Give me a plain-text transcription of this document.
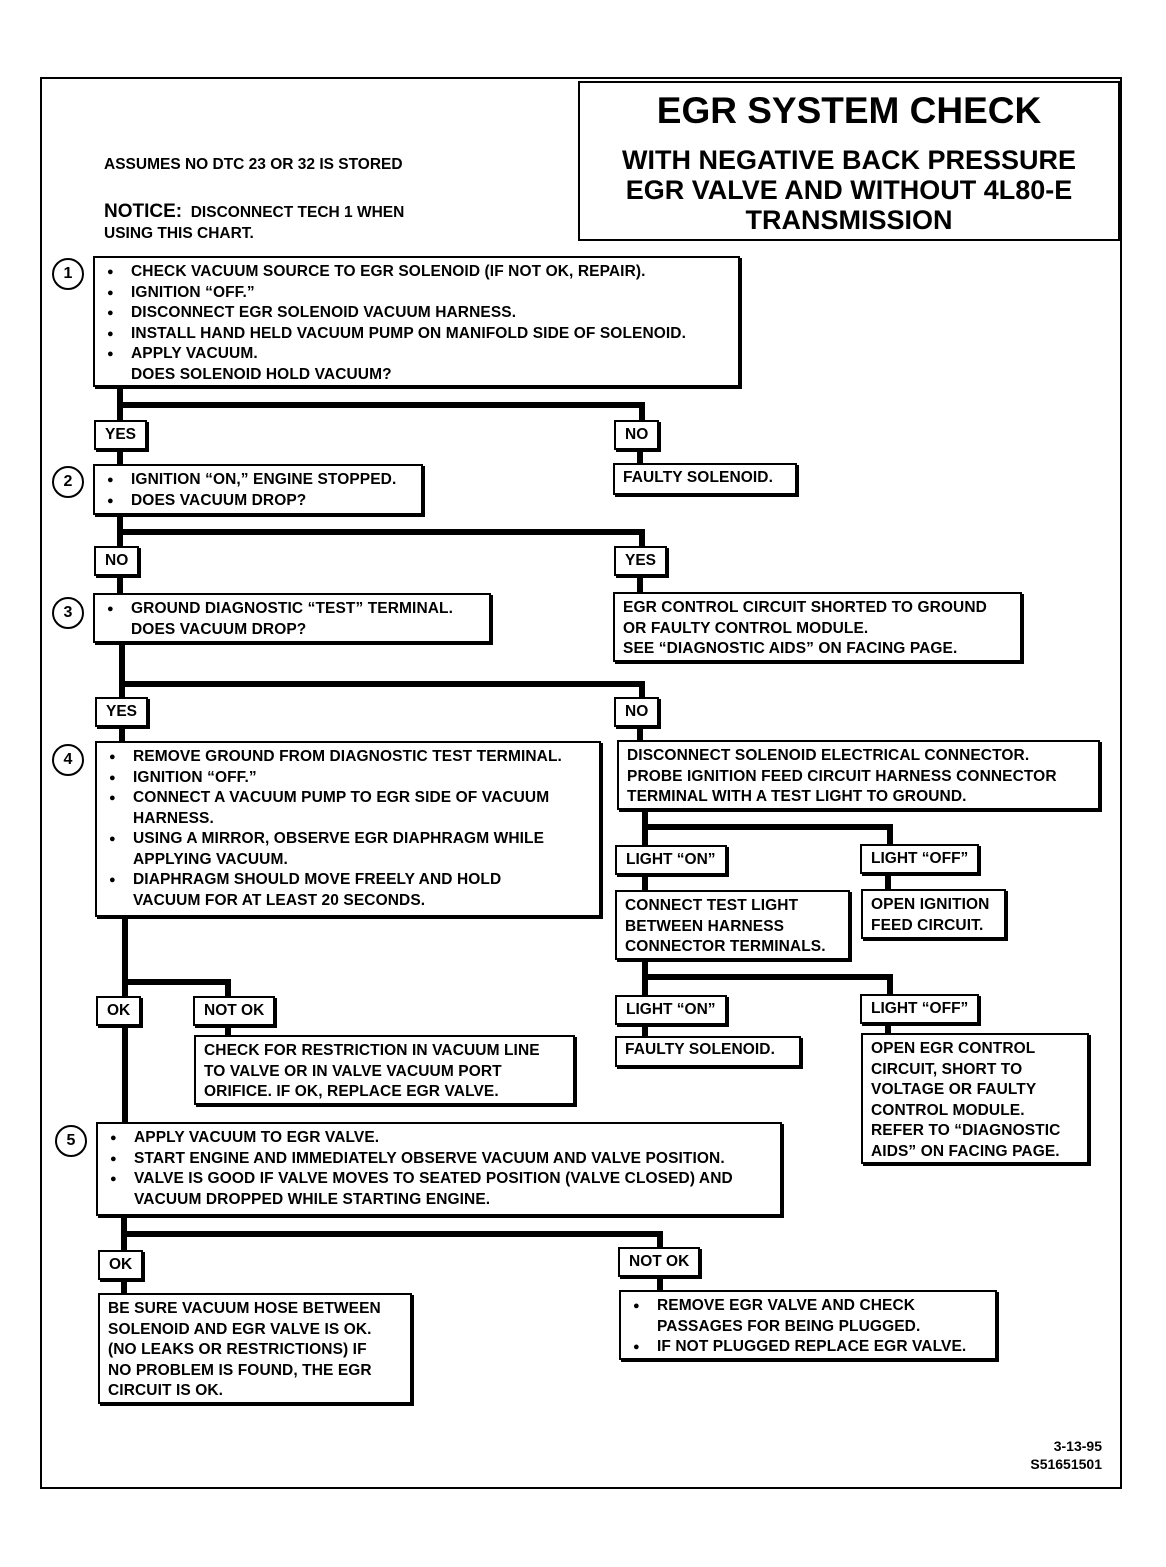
EGR SYSTEM CHECK
WITH NEGATIVE BACK PRESSURE
EGR VALVE AND WITHOUT 4L80-E
TRANSMISSION
ASSUMES NO DTC 23 OR 32 IS STORED
NOTICE: DISCONNECT TECH 1 WHEN
USING THIS CHART.
1	● CHECK VACUUM SOURCE TO EGR SOLENOID (IF NOT OK, REPAIR).
● IGNITION “OFF.”
● DISCONNECT EGR SOLENOID VACUUM HARNESS.
● INSTALL HAND HELD VACUUM PUMP ON MANIFOLD SIDE OF SOLENOID.
● APPLY VACUUM.
DOES SOLENOID HOLD VACUUM?
YES	NO
2	● IGNITION “ON,” ENGINE STOPPED.
● DOES VACUUM DROP?
FAULTY SOLENOID.
NO	YES
3	● GROUND DIAGNOSTIC “TEST” TERMINAL.
DOES VACUUM DROP?
EGR CONTROL CIRCUIT SHORTED TO GROUND
OR FAULTY CONTROL MODULE.
SEE “DIAGNOSTIC AIDS” ON FACING PAGE.
YES	NO
4	● REMOVE GROUND FROM DIAGNOSTIC TEST TERMINAL.
● IGNITION “OFF.”
● CONNECT A VACUUM PUMP TO EGR SIDE OF VACUUM
HARNESS.
● USING A MIRROR, OBSERVE EGR DIAPHRAGM WHILE
APPLYING VACUUM.
● DIAPHRAGM SHOULD MOVE FREELY AND HOLD
VACUUM FOR AT LEAST 20 SECONDS.
DISCONNECT SOLENOID ELECTRICAL CONNECTOR.
PROBE IGNITION FEED CIRCUIT HARNESS CONNECTOR
TERMINAL WITH A TEST LIGHT TO GROUND.
LIGHT “ON”	LIGHT “OFF”
CONNECT TEST LIGHT
BETWEEN HARNESS
CONNECTOR TERMINALS.
OPEN IGNITION
FEED CIRCUIT.
LIGHT “ON”	LIGHT “OFF”
FAULTY SOLENOID.	OPEN EGR CONTROL
CIRCUIT, SHORT TO
VOLTAGE OR FAULTY
CONTROL MODULE.
REFER TO “DIAGNOSTIC
AIDS” ON FACING PAGE.
OK	NOT OK
CHECK FOR RESTRICTION IN VACUUM LINE
TO VALVE OR IN VALVE VACUUM PORT
ORIFICE. IF OK, REPLACE EGR VALVE.
5	● APPLY VACUUM TO EGR VALVE.
● START ENGINE AND IMMEDIATELY OBSERVE VACUUM AND VALVE POSITION.
● VALVE IS GOOD IF VALVE MOVES TO SEATED POSITION (VALVE CLOSED) AND
VACUUM DROPPED WHILE STARTING ENGINE.
OK	NOT OK
BE SURE VACUUM HOSE BETWEEN
SOLENOID AND EGR VALVE IS OK.
(NO LEAKS OR RESTRICTIONS) IF
NO PROBLEM IS FOUND, THE EGR
CIRCUIT IS OK.
● REMOVE EGR VALVE AND CHECK
PASSAGES FOR BEING PLUGGED.
● IF NOT PLUGGED REPLACE EGR VALVE.
3-13-95
S51651501
